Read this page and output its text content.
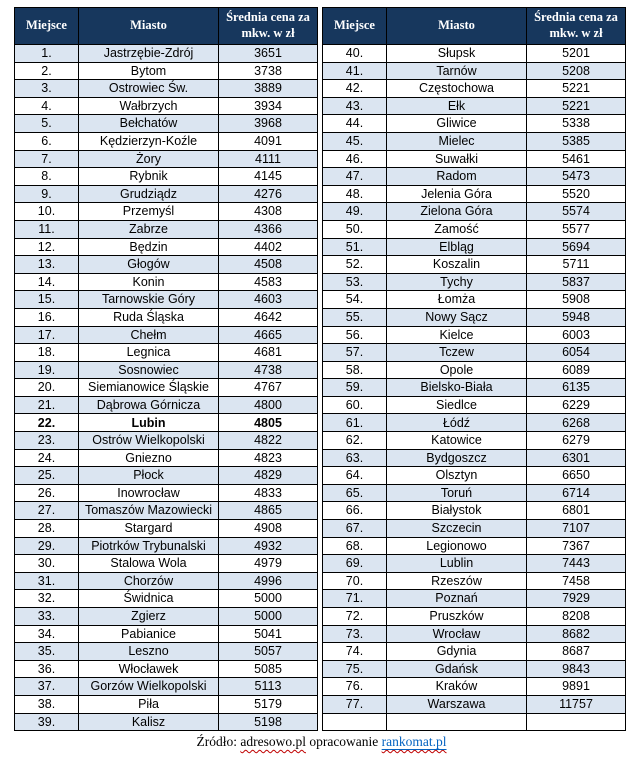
Miejsce	Miasto	Średnia cena za mkw. w zł
1.	Jastrzębie-Zdrój	3651
2.	Bytom	3738
3.	Ostrowiec Św.	3889
4.	Wałbrzych	3934
5.	Bełchatów	3968
6.	Kędzierzyn-Koźle	4091
7.	Żory	4111
8.	Rybnik	4145
9.	Grudziądz	4276
10.	Przemyśl	4308
11.	Zabrze	4366
12.	Będzin	4402
13.	Głogów	4508
14.	Konin	4583
15.	Tarnowskie Góry	4603
16.	Ruda Śląska	4642
17.	Chełm	4665
18.	Legnica	4681
19.	Sosnowiec	4738
20.	Siemianowice Śląskie	4767
21.	Dąbrowa Górnicza	4800
22.	Lubin	4805
23.	Ostrów Wielkopolski	4822
24.	Gniezno	4823
25.	Płock	4829
26.	Inowrocław	4833
27.	Tomaszów Mazowiecki	4865
28.	Stargard	4908
29.	Piotrków Trybunalski	4932
30.	Stalowa Wola	4979
31.	Chorzów	4996
32.	Świdnica	5000
33.	Zgierz	5000
34.	Pabianice	5041
35.	Leszno	5057
36.	Włocławek	5085
37.	Gorzów Wielkopolski	5113
38.	Piła	5179
39.	Kalisz	5198
Miejsce	Miasto	Średnia cena za mkw. w zł
40.	Słupsk	5201
41.	Tarnów	5208
42.	Częstochowa	5221
43.	Ełk	5221
44.	Gliwice	5338
45.	Mielec	5385
46.	Suwałki	5461
47.	Radom	5473
48.	Jelenia Góra	5520
49.	Zielona Góra	5574
50.	Zamość	5577
51.	Elbląg	5694
52.	Koszalin	5711
53.	Tychy	5837
54.	Łomża	5908
55.	Nowy Sącz	5948
56.	Kielce	6003
57.	Tczew	6054
58.	Opole	6089
59.	Bielsko-Biała	6135
60.	Siedlce	6229
61.	Łódź	6268
62.	Katowice	6279
63.	Bydgoszcz	6301
64.	Olsztyn	6650
65.	Toruń	6714
66.	Białystok	6801
67.	Szczecin	7107
68.	Legionowo	7367
69.	Lublin	7443
70.	Rzeszów	7458
71.	Poznań	7929
72.	Pruszków	8208
73.	Wrocław	8682
74.	Gdynia	8687
75.	Gdańsk	9843
76.	Kraków	9891
77.	Warszawa	11757

Źródło: adresowo.pl opracowanie rankomat.pl
